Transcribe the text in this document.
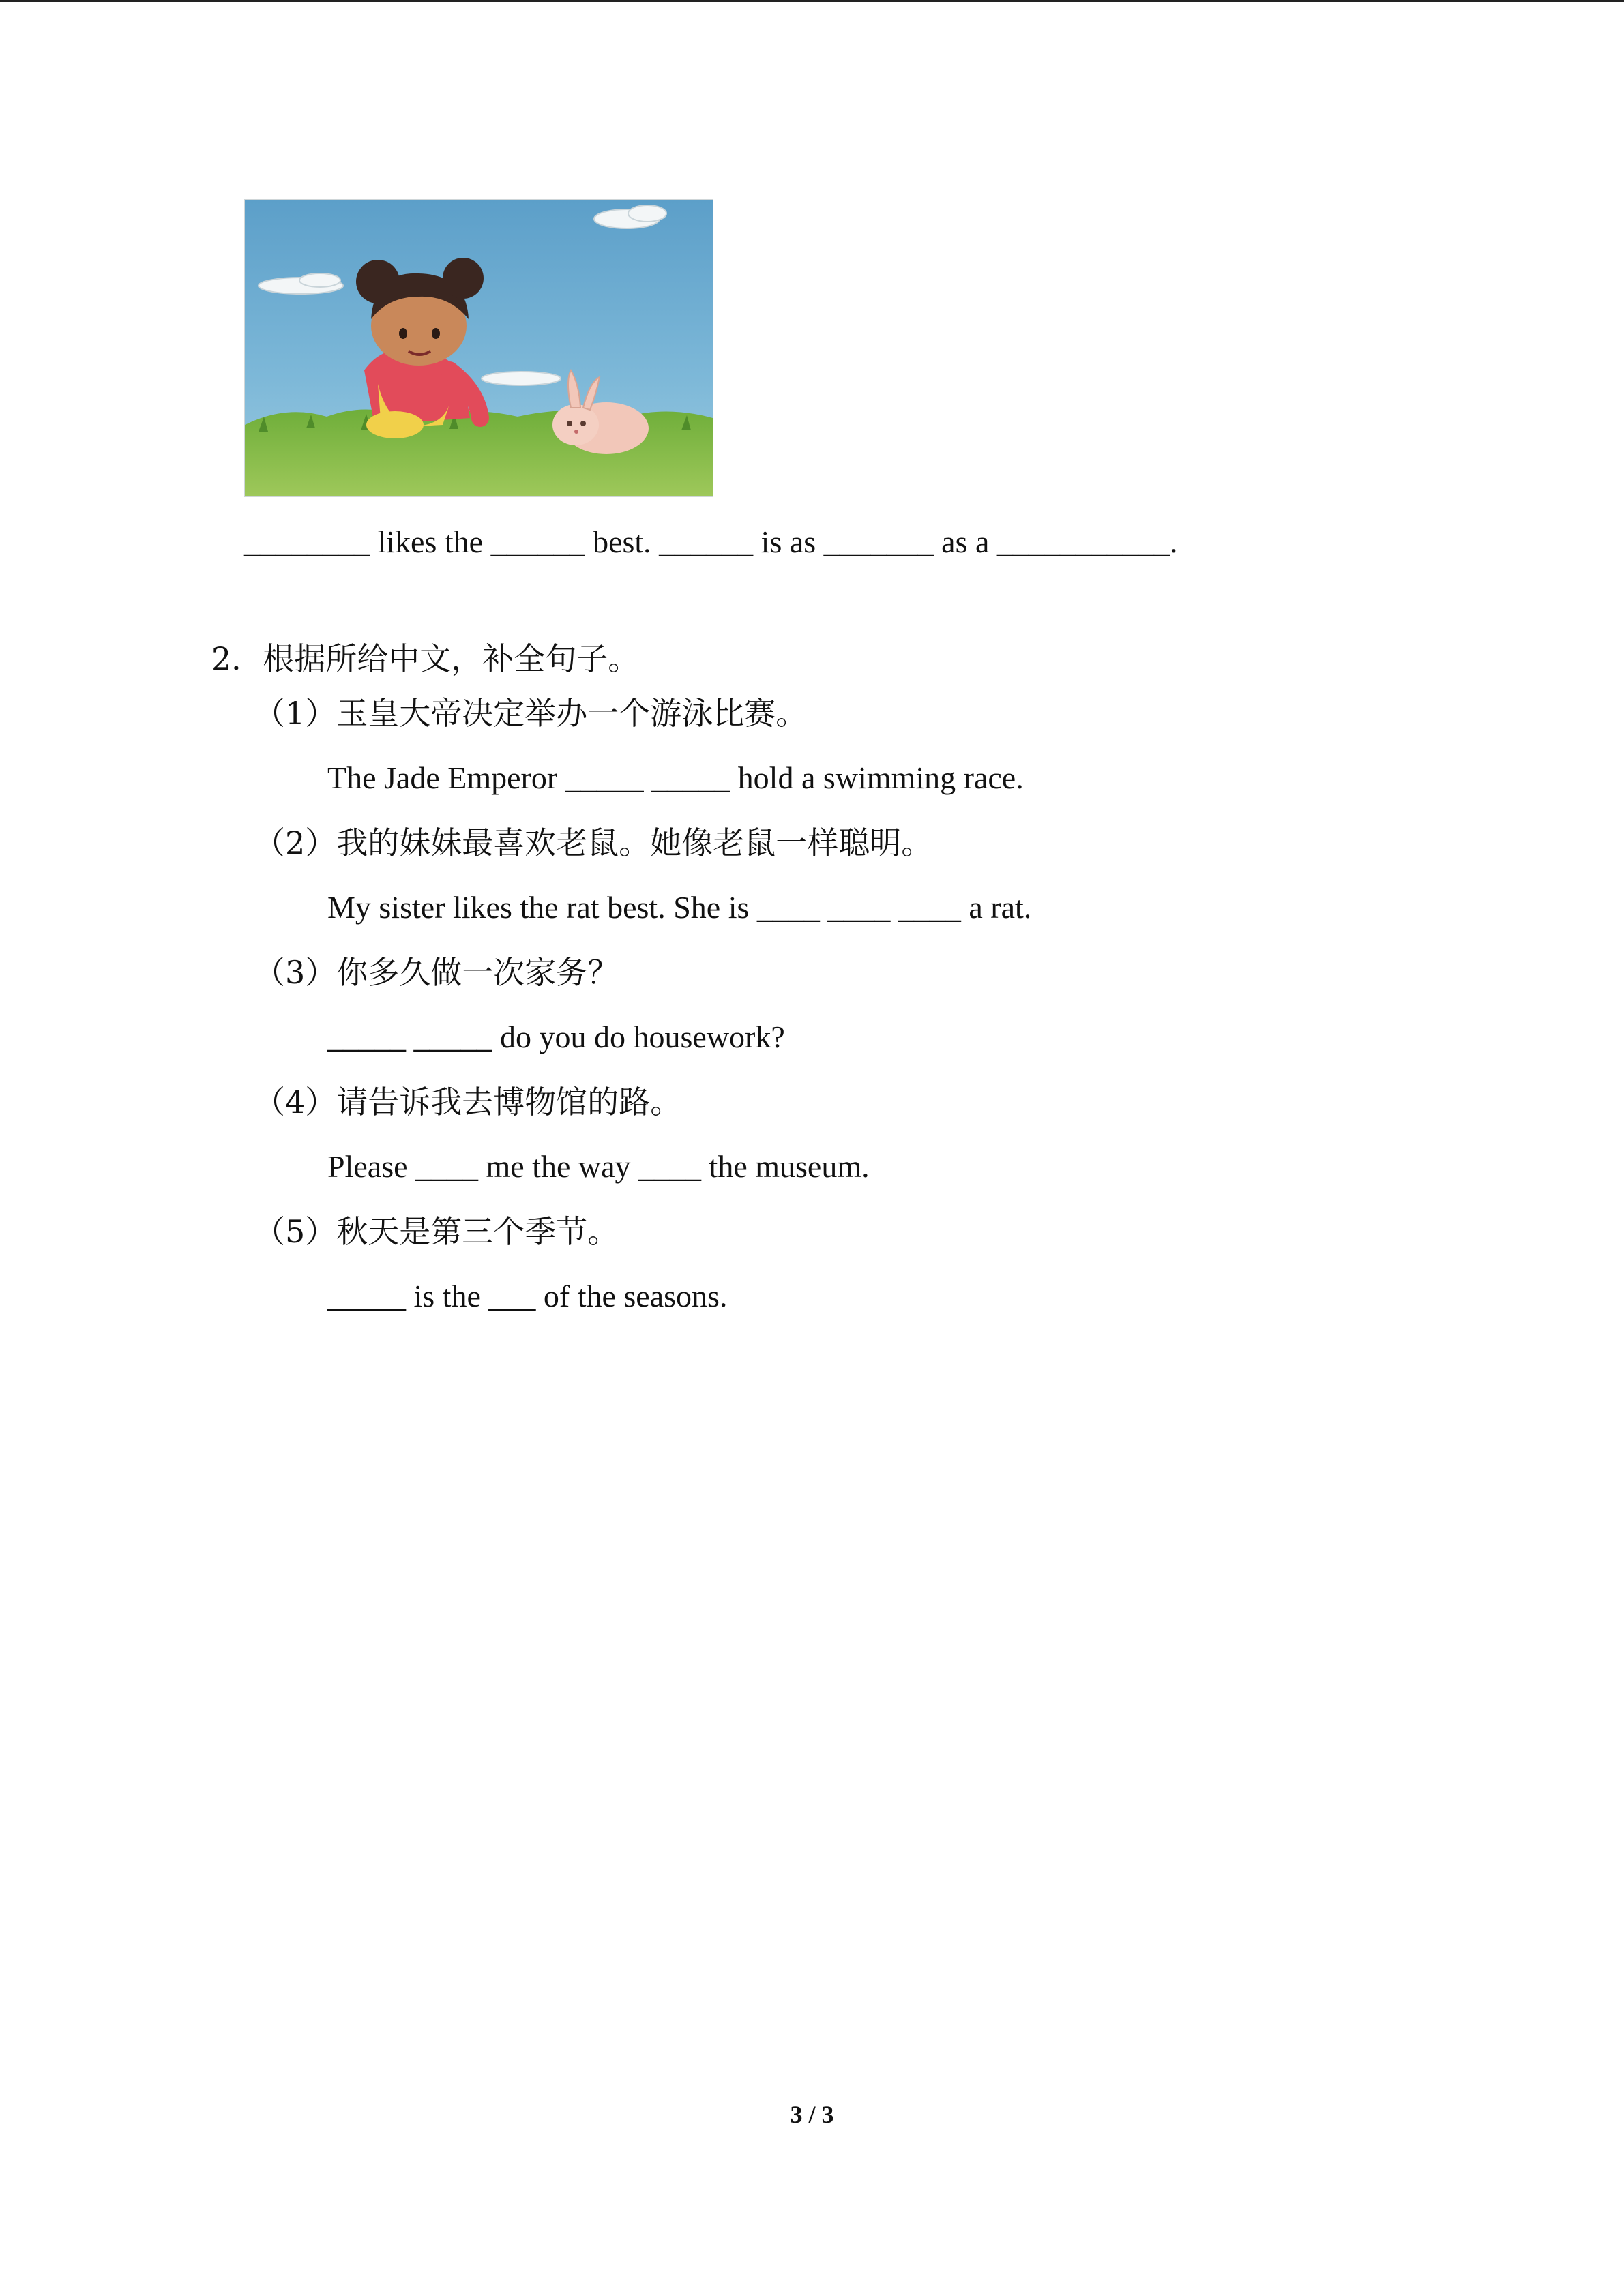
________ likes the ______ best. ______ is as _______ as a ___________.
2．根据所给中文，补全句子。
（1）玉皇大帝决定举办一个游泳比赛。
The Jade Emperor _____ _____ hold a swimming race.
（2）我的妹妹最喜欢老鼠。她像老鼠一样聪明。
My sister likes the rat best. She is ____ ____ ____ a rat.
（3）你多久做一次家务？
_____ _____ do you do housework?
（4）请告诉我去博物馆的路。
Please ____ me the way ____ the museum.
（5）秋天是第三个季节。
_____ is the ___ of the seasons.
3 / 3
